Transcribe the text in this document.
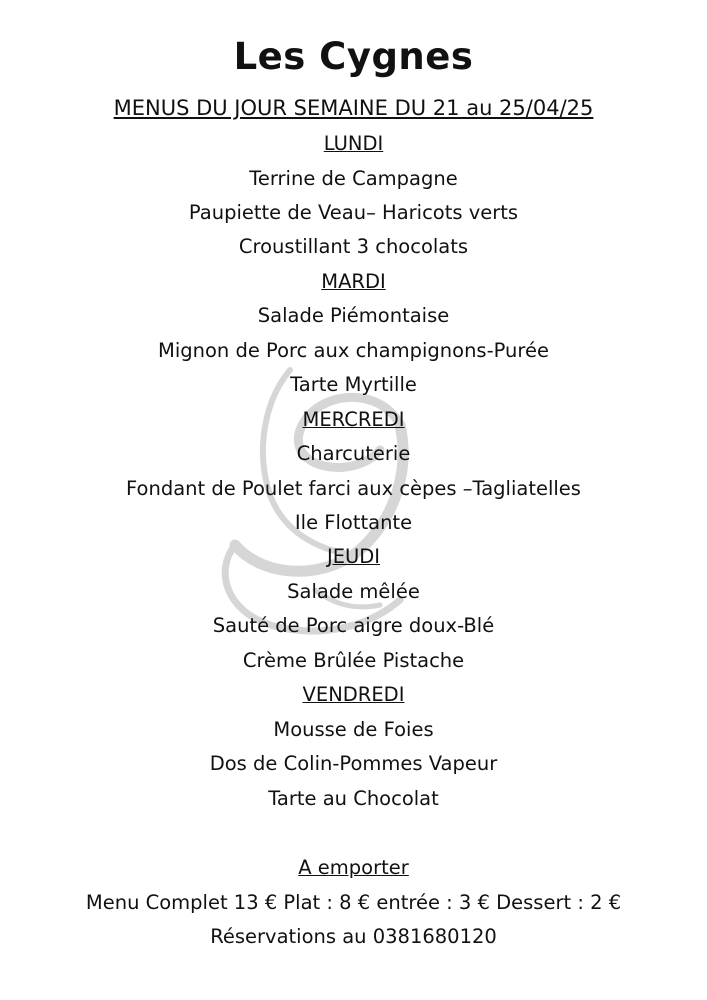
Les Cygnes
MENUS DU JOUR SEMAINE DU 21 au 25/04/25
LUNDI
Terrine de Campagne
Paupiette de Veau– Haricots verts
Croustillant 3 chocolats
MARDI
Salade Piémontaise
Mignon de Porc aux champignons-Purée
Tarte Myrtille
MERCREDI
Charcuterie
Fondant de Poulet farci aux cèpes –Tagliatelles
Ile Flottante
JEUDI
Salade mêlée
Sauté de Porc aigre doux-Blé
Crème Brûlée Pistache
VENDREDI
Mousse de Foies
Dos de Colin-Pommes Vapeur
Tarte au Chocolat
A emporter
Menu Complet 13 € Plat : 8 € entrée : 3 € Dessert : 2 €
Réservations au 0381680120
